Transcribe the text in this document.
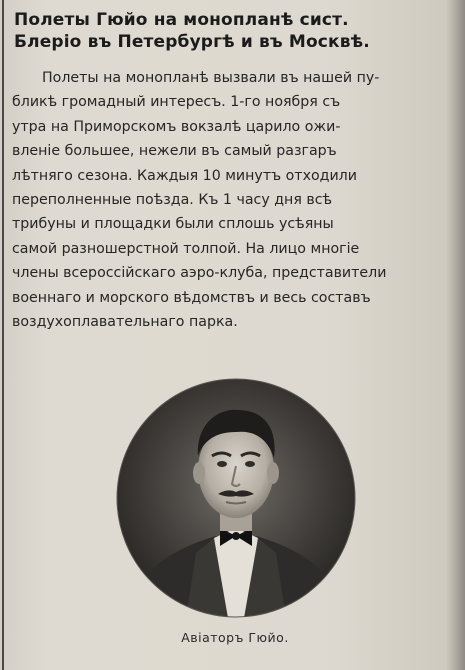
Полеты Гюйо на монопланѣ сист.
Блеріо въ Петербургѣ и въ Москвѣ.
Полеты на монопланѣ вызвали въ нашей пу-
бликѣ громадный интересъ. 1-го ноября съ
утра на Приморскомъ вокзалѣ царило ожи-
вленіе большее, нежели въ самый разгаръ
лѣтняго сезона. Каждыя 10 минутъ отходили
переполненные поѣзда. Къ 1 часу дня всѣ
трибуны и площадки были сплошь усѣяны
самой разношерстной толпой. На лицо многіе
члены всероссійскаго аэро-клуба, представители
военнаго и морского вѣдомствъ и весь составъ
воздухоплавательнаго парка.
Авіаторъ Гюйо.
